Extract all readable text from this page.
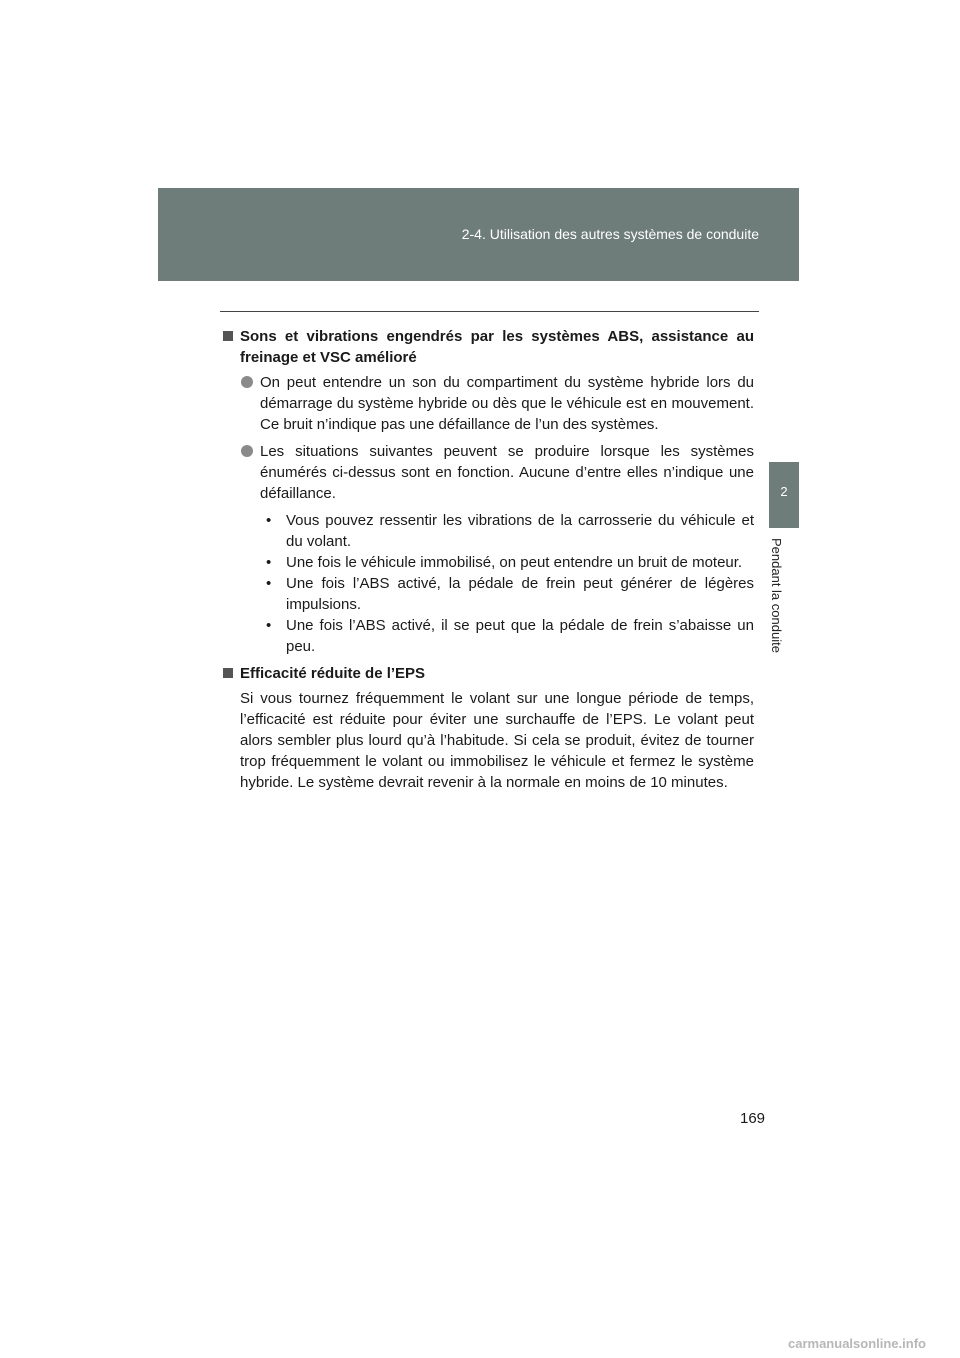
2-4. Utilisation des autres systèmes de conduite
2
Pendant la conduite
Sons et vibrations engendrés par les systèmes ABS, assistance au freinage et VSC amélioré
On peut entendre un son du compartiment du système hybride lors du démarrage du système hybride ou dès que le véhicule est en mouvement. Ce bruit n’indique pas une défaillance de l’un des systèmes.
Les situations suivantes peuvent se produire lorsque les systèmes énumérés ci-dessus sont en fonction. Aucune d’entre elles n’indique une défaillance.
• Vous pouvez ressentir les vibrations de la carrosserie du véhicule et du volant.
• Une fois le véhicule immobilisé, on peut entendre un bruit de moteur.
• Une fois l’ABS activé, la pédale de frein peut générer de légères impulsions.
• Une fois l’ABS activé, il se peut que la pédale de frein s’abaisse un peu.
Efficacité réduite de l’EPS
Si vous tournez fréquemment le volant sur une longue période de temps, l’efficacité est réduite pour éviter une surchauffe de l’EPS. Le volant peut alors sembler plus lourd qu’à l’habitude. Si cela se produit, évitez de tourner trop fréquemment le volant ou immobilisez le véhicule et fermez le système hybride. Le système devrait revenir à la normale en moins de 10 minutes.
169
carmanualsonline.info
